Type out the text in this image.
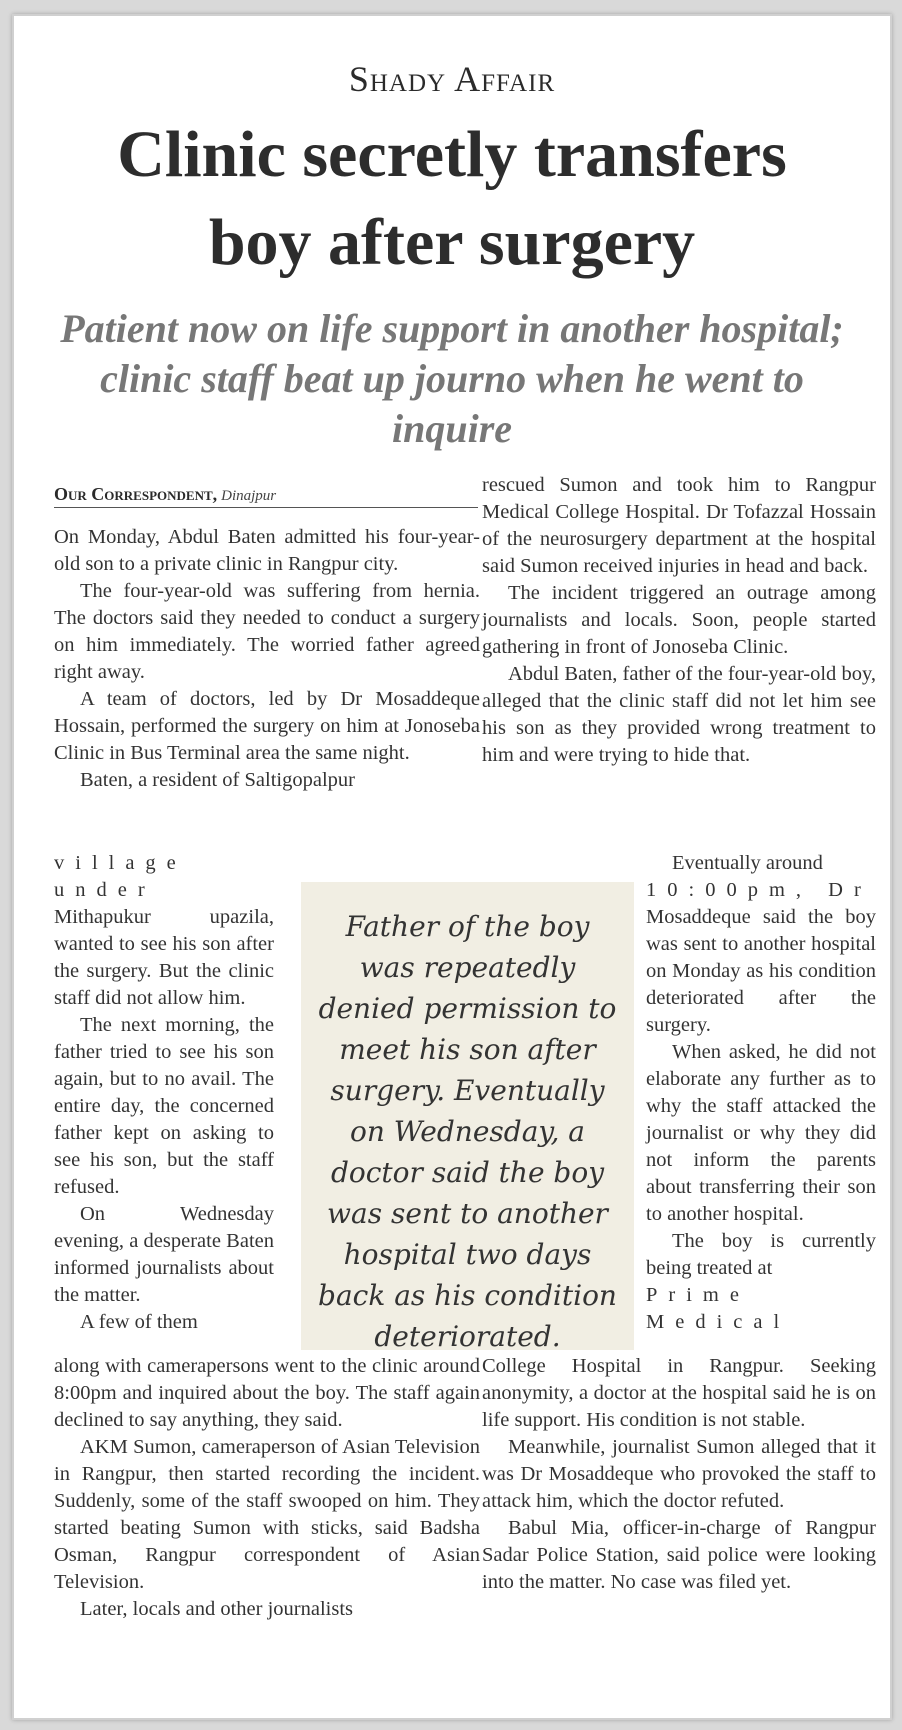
Shady Affair
Clinic secretly transfers
boy after surgery
Patient now on life support in another hospital; clinic staff beat up journo when he went to inquire
Our Correspondent, Dinajpur

On Monday, Abdul Baten admitted his four-year-old son to a private clinic in Rangpur city.

The four-year-old was suffering from hernia. The doctors said they needed to conduct a surgery on him immediately. The worried father agreed right away.

A team of doctors, led by Dr Mosaddeque Hossain, performed the surgery on him at Jonoseba Clinic in Bus Terminal area the same night.

Baten, a resident of Saltigopalpur

village under

Mithapukur upazila, wanted to see his son after the surgery. But the clinic staff did not allow him.

The next morning, the father tried to see his son again, but to no avail. The entire day, the concerned father kept on asking to see his son, but the staff refused.

On Wednesday evening, a desperate Baten informed journalists about the matter.

A few of them

along with camerapersons went to the clinic around 8:00pm and inquired about the boy. The staff again declined to say anything, they said.

AKM Sumon, cameraperson of Asian Television in Rangpur, then started recording the incident. Suddenly, some of the staff swooped on him. They started beating Sumon with sticks, said Badsha Osman, Rangpur correspondent of Asian Television.

Later, locals and other journalists

rescued Sumon and took him to Rangpur Medical College Hospital. Dr Tofazzal Hossain of the neurosurgery department at the hospital said Sumon received injuries in head and back.

The incident triggered an outrage among journalists and locals. Soon, people started gathering in front of Jonoseba Clinic.

Abdul Baten, father of the four-year-old boy, alleged that the clinic staff did not let him see his son as they provided wrong treatment to him and were trying to hide that.

Eventually around

10:00pm, Dr

Mosaddeque said the boy was sent to another hospital on Monday as his condition deteriorated after the surgery.

When asked, he did not elaborate any further as to why the staff attacked the journalist or why they did not inform the parents about transferring their son to another hospital.

The boy is currently being treated at

Prime Medical

College Hospital in Rangpur. Seeking anonymity, a doctor at the hospital said he is on life support. His condition is not stable.

Meanwhile, journalist Sumon alleged that it was Dr Mosaddeque who provoked the staff to attack him, which the doctor refuted.

Babul Mia, officer-in-charge of Rangpur Sadar Police Station, said police were looking into the matter. No case was filed yet.

Father of the boy was repeatedly denied permission to meet his son after surgery. Eventually on Wednesday, a doctor said the boy was sent to another hospital two days back as his condition deteriorated.
